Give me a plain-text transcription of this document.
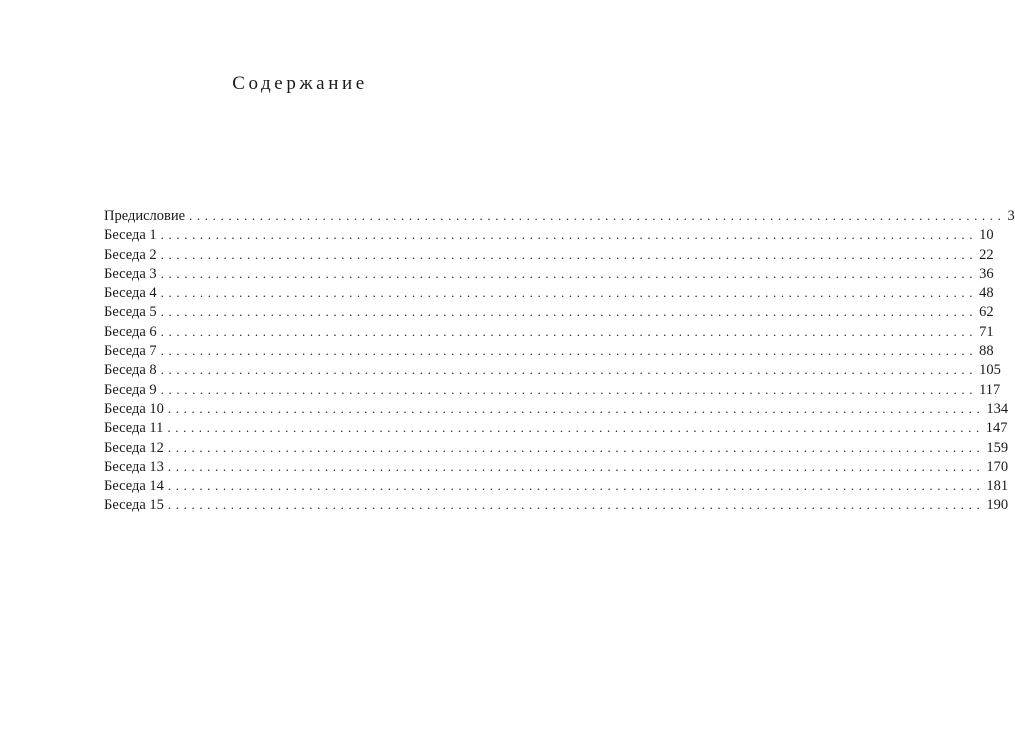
Содержание
Предисловие ........................................................................................................ 3
Беседа 1 ........................................................................................................ 10
Беседа 2 ........................................................................................................ 22
Беседа 3 ........................................................................................................ 36
Беседа 4 ........................................................................................................ 48
Беседа 5 ........................................................................................................ 62
Беседа 6 ........................................................................................................ 71
Беседа 7 ........................................................................................................ 88
Беседа 8 ........................................................................................................ 105
Беседа 9 ........................................................................................................ 117
Беседа 10 ........................................................................................................ 134
Беседа 11 ........................................................................................................ 147
Беседа 12 ........................................................................................................ 159
Беседа 13 ........................................................................................................ 170
Беседа 14 ........................................................................................................ 181
Беседа 15 ........................................................................................................ 190
